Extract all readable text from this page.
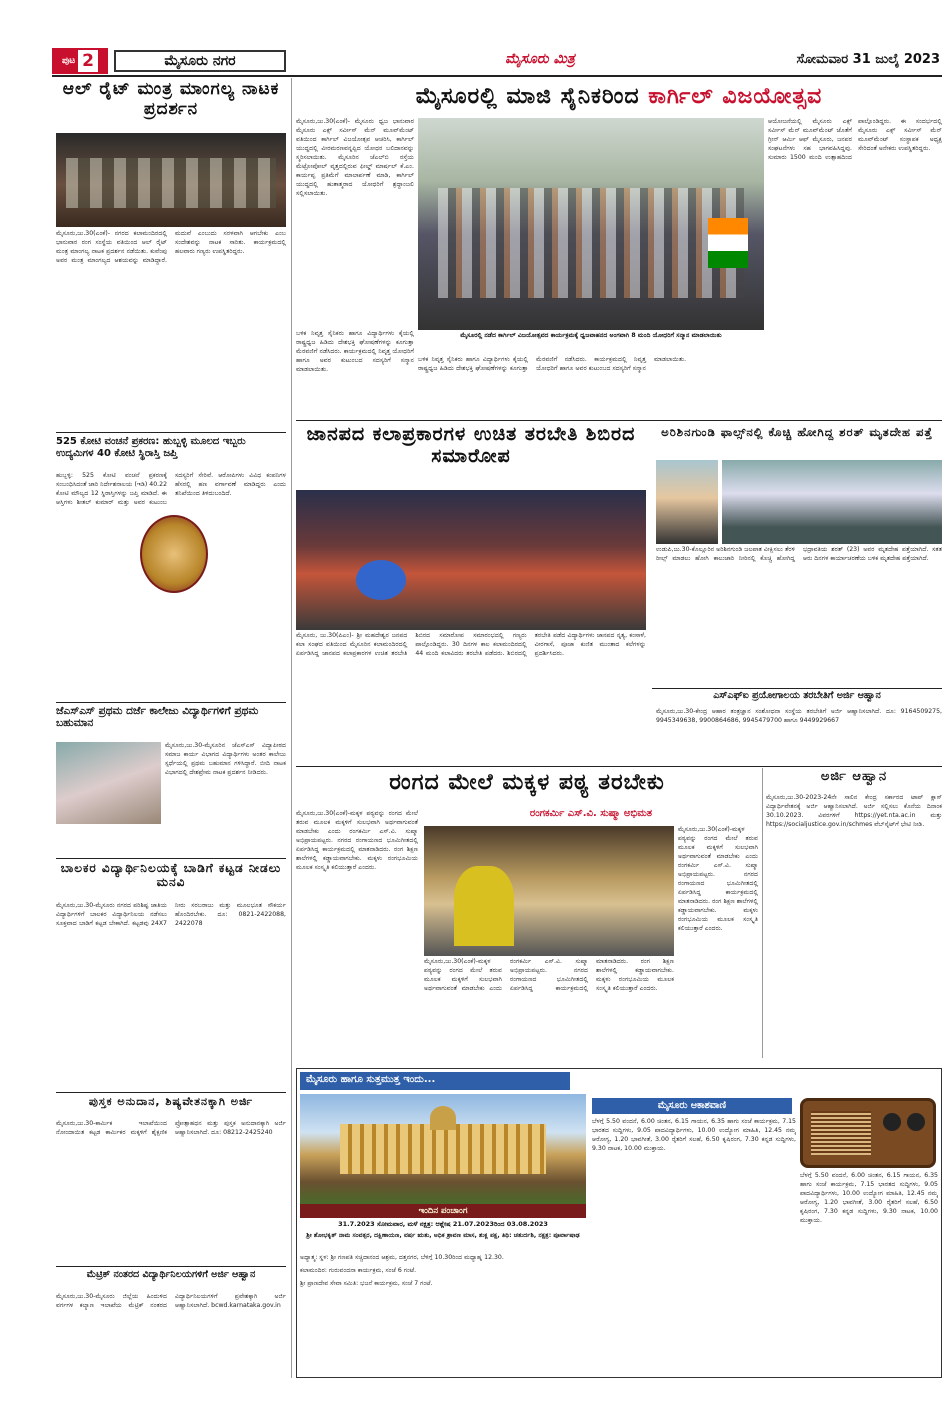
ಪುಟ 2	ಮೈಸೂರು ನಗರ	ಮೈಸೂರು ಮಿತ್ರ	ಸೋಮವಾರ 31 ಜುಲೈ 2023
ಆಲ್ ರೈಟ್ ಮಂತ್ರ ಮಾಂಗಲ್ಯ ನಾಟಕ ಪ್ರದರ್ಶನ
ಮೈಸೂರು,ಜು.30(ಎಂಕೆ)- ನಗರದ ಕಲಾಮಂದಿರದಲ್ಲಿ ಭಾನುವಾರ ರಂಗ ಸಂಸ್ಥೆಯ ವತಿಯಿಂದ ಆಲ್ ರೈಟ್ ಮಂತ್ರ ಮಾಂಗಲ್ಯ ನಾಟಕ ಪ್ರದರ್ಶನ ನಡೆಯಿತು. ಕುವೆಂಪು ಅವರ ಮಂತ್ರ ಮಾಂಗಲ್ಯದ ಆಶಯವನ್ನು ಮಾಡಿದ್ದಾರೆ. ಮದುವೆ ಎಂಬುದು ಸರಳವಾಗಿ ಆಗಬೇಕು ಎಂಬ ಸಂದೇಶವನ್ನು ನಾಟಕ ಸಾರಿತು. ಕಾರ್ಯಕ್ರಮದಲ್ಲಿ ಹಲವಾರು ಗಣ್ಯರು ಉಪಸ್ಥಿತರಿದ್ದರು.
525 ಕೋಟಿ ವಂಚನೆ ಪ್ರಕರಣ: ಹುಬ್ಬಳ್ಳಿ ಮೂಲದ ಇಬ್ಬರು ಉದ್ಯಮಿಗಳ 40 ಕೋಟಿ ಸ್ಥಿರಾಸ್ತಿ ಜಪ್ತಿ
ಹುಬ್ಬಳ್ಳಿ: 525 ಕೋಟಿ ವಂಚನೆ ಪ್ರಕರಣಕ್ಕೆ ಸಂಬಂಧಿಸಿದಂತೆ ಜಾರಿ ನಿರ್ದೇಶನಾಲಯ (ಇಡಿ) 40.22 ಕೋಟಿ ಮೌಲ್ಯದ 12 ಸ್ಥಿರಾಸ್ತಿಗಳನ್ನು ಜಪ್ತಿ ಮಾಡಿದೆ. ಈ ಆಸ್ತಿಗಳು ಶೀತಲ್ ಕುಮಾರ್ ಮತ್ತು ಅವರ ಕುಟುಂಬ ಸದಸ್ಯರಿಗೆ ಸೇರಿವೆ. ಆರೋಪಿಗಳು ವಿವಿಧ ಕಂಪನಿಗಳ ಹೆಸರಲ್ಲಿ ಹಣ ವರ್ಗಾವಣೆ ಮಾಡಿದ್ದರು ಎಂದು ತನಿಖೆಯಿಂದ ತಿಳಿದುಬಂದಿದೆ.
ಜೆಎಸ್‌ಎಸ್ ಪ್ರಥಮ ದರ್ಜೆ ಕಾಲೇಜು ವಿದ್ಯಾರ್ಥಿಗಳಿಗೆ ಪ್ರಥಮ ಬಹುಮಾನ
ಮೈಸೂರು,ಜು.30-ಮೈಸೂರಿನ ಜೆಎಸ್‌ಎಸ್ ವಿದ್ಯಾಪೀಠದ ಸಮಾಜ ಕಾರ್ಯ ವಿಭಾಗದ ವಿದ್ಯಾರ್ಥಿಗಳು ಅಂತರ ಕಾಲೇಜು ಸ್ಪರ್ಧೆಯಲ್ಲಿ ಪ್ರಥಮ ಬಹುಮಾನ ಗಳಿಸಿದ್ದಾರೆ. ಬೀದಿ ನಾಟಕ ವಿಭಾಗದಲ್ಲಿ ದೇಶಪ್ರೇಮ ನಾಟಕ ಪ್ರದರ್ಶನ ನೀಡಿದರು.
ಬಾಲಕರ ವಿದ್ಯಾರ್ಥಿನಿಲಯಕ್ಕೆ ಬಾಡಿಗೆ ಕಟ್ಟಡ ನೀಡಲು ಮನವಿ
ಮೈಸೂರು,ಜು.30-ಮೈಸೂರು ನಗರದ ಪರಿಶಿಷ್ಟ ಜಾತಿಯ ವಿದ್ಯಾರ್ಥಿಗಳಿಗೆ ಬಾಲಕರ ವಿದ್ಯಾರ್ಥಿನಿಲಯ ನಡೆಸಲು ಸೂಕ್ತವಾದ ಬಾಡಿಗೆ ಕಟ್ಟಡ ಬೇಕಾಗಿದೆ. ಕಟ್ಟಡವು 24X7 ನೀರು ಸರಬರಾಜು ಮತ್ತು ಮೂಲಭೂತ ಸೌಕರ್ಯ ಹೊಂದಿರಬೇಕು. ದೂ: 0821-2422088, 2422078
ಪುಸ್ತಕ ಅನುದಾನ, ಶಿಷ್ಯವೇತನಕ್ಕಾಗಿ ಅರ್ಜಿ
ಮೈಸೂರು,ಜು.30-ಕಾರ್ಮಿಕ ಇಲಾಖೆಯಿಂದ ನೋಂದಾಯಿತ ಕಟ್ಟಡ ಕಾರ್ಮಿಕರ ಮಕ್ಕಳಿಗೆ ಶೈಕ್ಷಣಿಕ ಪ್ರೋತ್ಸಾಹಧನ ಮತ್ತು ಪುಸ್ತಕ ಅನುದಾನಕ್ಕಾಗಿ ಅರ್ಜಿ ಆಹ್ವಾನಿಸಲಾಗಿದೆ. ದೂ: 08212-2425240
ಮೆಟ್ರಿಕ್ ನಂತರದ ವಿದ್ಯಾರ್ಥಿನಿಲಯಗಳಿಗೆ ಅರ್ಜಿ ಆಹ್ವಾನ
ಮೈಸೂರು,ಜು.30-ಮೈಸೂರು ಜಿಲ್ಲೆಯ ಹಿಂದುಳಿದ ವರ್ಗಗಳ ಕಲ್ಯಾಣ ಇಲಾಖೆಯ ಮೆಟ್ರಿಕ್ ನಂತರದ ವಿದ್ಯಾರ್ಥಿನಿಲಯಗಳಿಗೆ ಪ್ರವೇಶಕ್ಕಾಗಿ ಅರ್ಜಿ ಆಹ್ವಾನಿಸಲಾಗಿದೆ. bcwd.karnataka.gov.in
ಮೈಸೂರಲ್ಲಿ ಮಾಜಿ ಸೈನಿಕರಿಂದ ಕಾರ್ಗಿಲ್ ವಿಜಯೋತ್ಸವ
ಮೈಸೂರು,ಜು.30(ಎಂಕೆ)- ಮೈಸೂರು ಧ್ವಜ ಭಾನುವಾರ ಮೈಸೂರು ಎಕ್ಸ್ ಸರ್ವೀಸ್ ಮೆನ್ ಮೂವ್‌ಮೆಂಟ್ ವತಿಯಿಂದ ಕಾರ್ಗಿಲ್ ವಿಜಯೋತ್ಸವ ಆಚರಿಸಿ, ಕಾರ್ಗಿಲ್ ಯುದ್ಧದಲ್ಲಿ ವೀರಮರಣವನ್ನಪ್ಪಿದ ಯೋಧರ ಬಲಿದಾನವನ್ನು ಸ್ಮರಿಸಲಾಯಿತು. ಮೈಸೂರಿನ ಜೆಎಲ್‌ಬಿ ರಸ್ತೆಯ ಮೆಟ್ರೋಪೋಲ್ ವೃತ್ತದಲ್ಲಿರುವ ಫೀಲ್ಡ್ ಮಾರ್ಷಲ್ ಕೆ.ಎಂ. ಕಾರ್ಯಪ್ಪ ಪ್ರತಿಮೆಗೆ ಮಾಲಾರ್ಪಣೆ ಮಾಡಿ, ಕಾರ್ಗಿಲ್ ಯುದ್ಧದಲ್ಲಿ ಹುತಾತ್ಮರಾದ ಯೋಧರಿಗೆ ಶ್ರದ್ಧಾಂಜಲಿ ಸಲ್ಲಿಸಲಾಯಿತು.
ಬಳಿಕ ನಿವೃತ್ತ ಸೈನಿಕರು ಹಾಗೂ ವಿದ್ಯಾರ್ಥಿಗಳು ಕೈಯಲ್ಲಿ ರಾಷ್ಟ್ರಧ್ವಜ ಹಿಡಿದು ದೇಶಭಕ್ತಿ ಘೋಷಣೆಗಳನ್ನು ಕೂಗುತ್ತಾ ಮೆರವಣಿಗೆ ನಡೆಸಿದರು. ಕಾರ್ಯಕ್ರಮದಲ್ಲಿ ನಿವೃತ್ತ ಯೋಧರಿಗೆ ಹಾಗೂ ಅವರ ಕುಟುಂಬದ ಸದಸ್ಯರಿಗೆ ಸನ್ಮಾನ ಮಾಡಲಾಯಿತು.
ಮೈಸೂರಲ್ಲಿ ನಡೆದ ಕಾರ್ಗಿಲ್ ವಿಜಯೋತ್ಸವದ ಕಾರ್ಯಕ್ರಮಕ್ಕೆ ಧ್ವಜವಾಹನದ ಅಂಗವಾಗಿ 8 ಮಂದಿ ಯೋಧರಿಗೆ ಸನ್ಮಾನ ಮಾಡಲಾಯಿತು
ಬಳಿಕ ನಿವೃತ್ತ ಸೈನಿಕರು ಹಾಗೂ ವಿದ್ಯಾರ್ಥಿಗಳು ಕೈಯಲ್ಲಿ ರಾಷ್ಟ್ರಧ್ವಜ ಹಿಡಿದು ದೇಶಭಕ್ತಿ ಘೋಷಣೆಗಳನ್ನು ಕೂಗುತ್ತಾ ಮೆರವಣಿಗೆ ನಡೆಸಿದರು. ಕಾರ್ಯಕ್ರಮದಲ್ಲಿ ನಿವೃತ್ತ ಯೋಧರಿಗೆ ಹಾಗೂ ಅವರ ಕುಟುಂಬದ ಸದಸ್ಯರಿಗೆ ಸನ್ಮಾನ ಮಾಡಲಾಯಿತು.
ಆಯೋಜನೆಯಲ್ಲಿ ಮೈಸೂರು ಎಕ್ಸ್ ಸರ್ವೀಸ್ ಮೆನ್ ಮೂವ್‌ಮೆಂಟ್ ಜೊತೆಗೆ ಗ್ರೀನ್ ಆರ್ಮಿ ಆಫ್ ಮೈಸೂರು, ಜನಪರ ಸಂಘಟನೆಗಳು ಸಹ ಭಾಗವಹಿಸಿದ್ದವು. ಸುಮಾರು 1500 ಮಂದಿ ಉತ್ಸಾಹದಿಂದ ಪಾಲ್ಗೊಂಡಿದ್ದರು. ಈ ಸಂದರ್ಭದಲ್ಲಿ ಮೈಸೂರು ಎಕ್ಸ್ ಸರ್ವೀಸ್ ಮೆನ್ ಮೂವ್‌ಮೆಂಟ್ ಸಂಸ್ಥಾಪಕ ಅಧ್ಯಕ್ಷ ಸೇರಿದಂತೆ ಅನೇಕರು ಉಪಸ್ಥಿತರಿದ್ದರು.
ಜಾನಪದ ಕಲಾಪ್ರಕಾರಗಳ ಉಚಿತ ತರಬೇತಿ ಶಿಬಿರದ ಸಮಾರೋಪ
ಮೈಸೂರು, ಜು.30(ಪಿಎಂ)- ಶ್ರೀ ಮಹದೇಶ್ವರ ಜನಪದ ಕಲಾ ಸಂಘದ ವತಿಯಿಂದ ಮೈಸೂರಿನ ಕಲಾಮಂದಿರದಲ್ಲಿ ಏರ್ಪಡಿಸಿದ್ದ ಜಾನಪದ ಕಲಾಪ್ರಕಾರಗಳ ಉಚಿತ ತರಬೇತಿ ಶಿಬಿರದ ಸಮಾರೋಪ ಸಮಾರಂಭದಲ್ಲಿ ಗಣ್ಯರು ಪಾಲ್ಗೊಂಡಿದ್ದರು. 30 ದಿನಗಳ ಕಾಲ ಕಲಾಮಂದಿರದಲ್ಲಿ 44 ಮಂದಿ ಕಲಾವಿದರು ತರಬೇತಿ ಪಡೆದರು. ಶಿಬಿರದಲ್ಲಿ ತರಬೇತಿ ಪಡೆದ ವಿದ್ಯಾರ್ಥಿಗಳು ಜಾನಪದ ನೃತ್ಯ, ಕಂಸಾಳೆ, ವೀರಗಾಸೆ, ಪೂಜಾ ಕುಣಿತ ಮುಂತಾದ ಕಲೆಗಳನ್ನು ಪ್ರದರ್ಶಿಸಿದರು.
ಅರಿಶಿನಗುಂಡಿ ಫಾಲ್ಸ್‌ನಲ್ಲಿ ಕೊಚ್ಚಿ ಹೋಗಿದ್ದ ಶರತ್ ಮೃತದೇಹ ಪತ್ತೆ
ಉಡುಪಿ,ಜು.30-ಕೊಲ್ಲೂರಿನ ಅರಿಶಿನಗುಂಡಿ ಜಲಪಾತ ವೀಕ್ಷಿಸಲು ತೆರಳಿ ರೀಲ್ಸ್ ಮಾಡಲು ಹೋಗಿ ಕಾಲುಜಾರಿ ನೀರಿನಲ್ಲಿ ಕೊಚ್ಚಿ ಹೋಗಿದ್ದ ಭದ್ರಾವತಿಯ ಶರತ್ (23) ಅವರ ಮೃತದೇಹ ಪತ್ತೆಯಾಗಿದೆ. ಸತತ ಆರು ದಿನಗಳ ಕಾರ್ಯಾಚರಣೆಯ ಬಳಿಕ ಮೃತದೇಹ ಪತ್ತೆಯಾಗಿದೆ.
ಎಸ್‌ಎಫ್‌ಐ ಪ್ರಯೋಗಾಲಯ ತರಬೇತಿಗೆ ಅರ್ಜಿ ಆಹ್ವಾನ
ಮೈಸೂರು,ಜು.30-ಕೇಂದ್ರ ಆಹಾರ ತಂತ್ರಜ್ಞಾನ ಸಂಶೋಧನಾ ಸಂಸ್ಥೆಯ ತರಬೇತಿಗೆ ಅರ್ಜಿ ಆಹ್ವಾನಿಸಲಾಗಿದೆ. ದೂ: 9164509275, 9945349638, 9900864686, 9945479700 ಹಾಗೂ 9449929667
ರಂಗದ ಮೇಲೆ ಮಕ್ಕಳ ಪಠ್ಯ ತರಬೇಕು
ಮೈಸೂರು,ಜು.30(ಎಂಕೆ)-ಮಕ್ಕಳ ಪಠ್ಯವನ್ನು ರಂಗದ ಮೇಲೆ ತರುವ ಮೂಲಕ ಮಕ್ಕಳಿಗೆ ಸುಲಭವಾಗಿ ಅರ್ಥವಾಗುವಂತೆ ಮಾಡಬೇಕು ಎಂದು ರಂಗಕರ್ಮಿ ಎಸ್.ವಿ. ಸುಷ್ಮಾ ಅಭಿಪ್ರಾಯಪಟ್ಟರು. ನಗರದ ರಂಗಾಯಣದ ಭೂಮಿಗೀತದಲ್ಲಿ ಏರ್ಪಡಿಸಿದ್ದ ಕಾರ್ಯಕ್ರಮದಲ್ಲಿ ಮಾತನಾಡಿದರು. ರಂಗ ಶಿಕ್ಷಣ ಶಾಲೆಗಳಲ್ಲಿ ಕಡ್ಡಾಯವಾಗಬೇಕು. ಮಕ್ಕಳು ರಂಗಭೂಮಿಯ ಮೂಲಕ ಸಂಸ್ಕೃತಿ ಕಲಿಯುತ್ತಾರೆ ಎಂದರು.
ರಂಗಕರ್ಮಿ ಎಸ್.ವಿ. ಸುಷ್ಮಾ ಅಭಿಮತ
ಮೈಸೂರು,ಜು.30(ಎಂಕೆ)-ಮಕ್ಕಳ ಪಠ್ಯವನ್ನು ರಂಗದ ಮೇಲೆ ತರುವ ಮೂಲಕ ಮಕ್ಕಳಿಗೆ ಸುಲಭವಾಗಿ ಅರ್ಥವಾಗುವಂತೆ ಮಾಡಬೇಕು ಎಂದು ರಂಗಕರ್ಮಿ ಎಸ್.ವಿ. ಸುಷ್ಮಾ ಅಭಿಪ್ರಾಯಪಟ್ಟರು. ನಗರದ ರಂಗಾಯಣದ ಭೂಮಿಗೀತದಲ್ಲಿ ಏರ್ಪಡಿಸಿದ್ದ ಕಾರ್ಯಕ್ರಮದಲ್ಲಿ ಮಾತನಾಡಿದರು. ರಂಗ ಶಿಕ್ಷಣ ಶಾಲೆಗಳಲ್ಲಿ ಕಡ್ಡಾಯವಾಗಬೇಕು. ಮಕ್ಕಳು ರಂಗಭೂಮಿಯ ಮೂಲಕ ಸಂಸ್ಕೃತಿ ಕಲಿಯುತ್ತಾರೆ ಎಂದರು.
ಮೈಸೂರು,ಜು.30(ಎಂಕೆ)-ಮಕ್ಕಳ ಪಠ್ಯವನ್ನು ರಂಗದ ಮೇಲೆ ತರುವ ಮೂಲಕ ಮಕ್ಕಳಿಗೆ ಸುಲಭವಾಗಿ ಅರ್ಥವಾಗುವಂತೆ ಮಾಡಬೇಕು ಎಂದು ರಂಗಕರ್ಮಿ ಎಸ್.ವಿ. ಸುಷ್ಮಾ ಅಭಿಪ್ರಾಯಪಟ್ಟರು. ನಗರದ ರಂಗಾಯಣದ ಭೂಮಿಗೀತದಲ್ಲಿ ಏರ್ಪಡಿಸಿದ್ದ ಕಾರ್ಯಕ್ರಮದಲ್ಲಿ ಮಾತನಾಡಿದರು. ರಂಗ ಶಿಕ್ಷಣ ಶಾಲೆಗಳಲ್ಲಿ ಕಡ್ಡಾಯವಾಗಬೇಕು. ಮಕ್ಕಳು ರಂಗಭೂಮಿಯ ಮೂಲಕ ಸಂಸ್ಕೃತಿ ಕಲಿಯುತ್ತಾರೆ ಎಂದರು.
ಅರ್ಜಿ ಆಹ್ವಾನ
ಮೈಸೂರು,ಜು.30-2023-24ನೇ ಸಾಲಿನ ಕೇಂದ್ರ ಸರ್ಕಾರದ ಟಾಪ್ ಕ್ಲಾಸ್ ವಿದ್ಯಾರ್ಥಿವೇತನಕ್ಕೆ ಅರ್ಜಿ ಆಹ್ವಾನಿಸಲಾಗಿದೆ. ಅರ್ಜಿ ಸಲ್ಲಿಸಲು ಕೊನೆಯ ದಿನಾಂಕ 30.10.2023. ವಿವರಗಳಿಗೆ https://yet.nta.ac.in ಮತ್ತು https://socialjustice.gov.in/schmes ವೆಬ್‌ಸೈಟ್‌ಗೆ ಭೇಟಿ ನೀಡಿ.
ಮೈಸೂರು ಹಾಗೂ ಸುತ್ತಮುತ್ತ ಇಂದು...
ಇಂದಿನ ಪಂಚಾಂಗ
31.7.2023 ಸೋಮವಾರ, ಮಳೆ ನಕ್ಷತ್ರ: ಆಶ್ಲೇಷ 21.07.2023ರಿಂದ 03.08.2023
ಶ್ರೀ ಶೋಭಕೃತ್ ನಾಮ ಸಂವತ್ಸರ, ದಕ್ಷಿಣಾಯಣ, ವರ್ಷ ಋತು, ಅಧಿಕ ಶ್ರಾವಣ ಮಾಸ, ಶುಕ್ಲ ಪಕ್ಷ, ತಿಥಿ: ಚತುರ್ದಶಿ, ನಕ್ಷತ್ರ: ಪೂರ್ವಾಷಾಢ
ಅಧ್ಯಾತ್ಮ: ಸ್ಥಳ: ಶ್ರೀ ಗಣಪತಿ ಸಚ್ಚಿದಾನಂದ ಆಶ್ರಮ, ದತ್ತನಗರ, ಬೆಳಿಗ್ಗೆ 10.30ರಿಂದ ಮಧ್ಯಾಹ್ನ 12.30.
ಕಲಾಮಂದಿರ: ಗುರುವಂದನಾ ಕಾರ್ಯಕ್ರಮ, ಸಂಜೆ 6 ಗಂಟೆ.
ಶ್ರೀ ಪ್ರಾಣದೇವ ಸೇವಾ ಸಮಿತಿ: ಭಜನೆ ಕಾರ್ಯಕ್ರಮ, ಸಂಜೆ 7 ಗಂಟೆ.
ಮೈಸೂರು ಆಕಾಶವಾಣಿ
ಬೆಳಗ್ಗೆ 5.50 ವಂದನೆ, 6.00 ಚಿಂತನ, 6.15 ಗಾಯನ, 6.35 ಹಾಗು ಸಂಜೆ ಕಾರ್ಯಕ್ರಮ, 7.15 ಭಾರತದ ಸುದ್ದಿಗಳು, 9.05 ಪಾದವಿದ್ಯಾರ್ಥಿಗಳು, 10.00 ಉದ್ಯೋಗ ಮಾಹಿತಿ, 12.45 ನಮ್ಮ ಆರೋಗ್ಯ, 1.20 ಭಾವಗೀತೆ, 3.00 ರೈತರಿಗೆ ಸಲಹೆ, 6.50 ಕೃಷಿರಂಗ, 7.30 ಕನ್ನಡ ಸುದ್ದಿಗಳು, 9.30 ನಾಟಕ, 10.00 ಮುಕ್ತಾಯ.
ಬೆಳಗ್ಗೆ 5.50 ವಂದನೆ, 6.00 ಚಿಂತನ, 6.15 ಗಾಯನ, 6.35 ಹಾಗು ಸಂಜೆ ಕಾರ್ಯಕ್ರಮ, 7.15 ಭಾರತದ ಸುದ್ದಿಗಳು, 9.05 ಪಾದವಿದ್ಯಾರ್ಥಿಗಳು, 10.00 ಉದ್ಯೋಗ ಮಾಹಿತಿ, 12.45 ನಮ್ಮ ಆರೋಗ್ಯ, 1.20 ಭಾವಗೀತೆ, 3.00 ರೈತರಿಗೆ ಸಲಹೆ, 6.50 ಕೃಷಿರಂಗ, 7.30 ಕನ್ನಡ ಸುದ್ದಿಗಳು, 9.30 ನಾಟಕ, 10.00 ಮುಕ್ತಾಯ.
